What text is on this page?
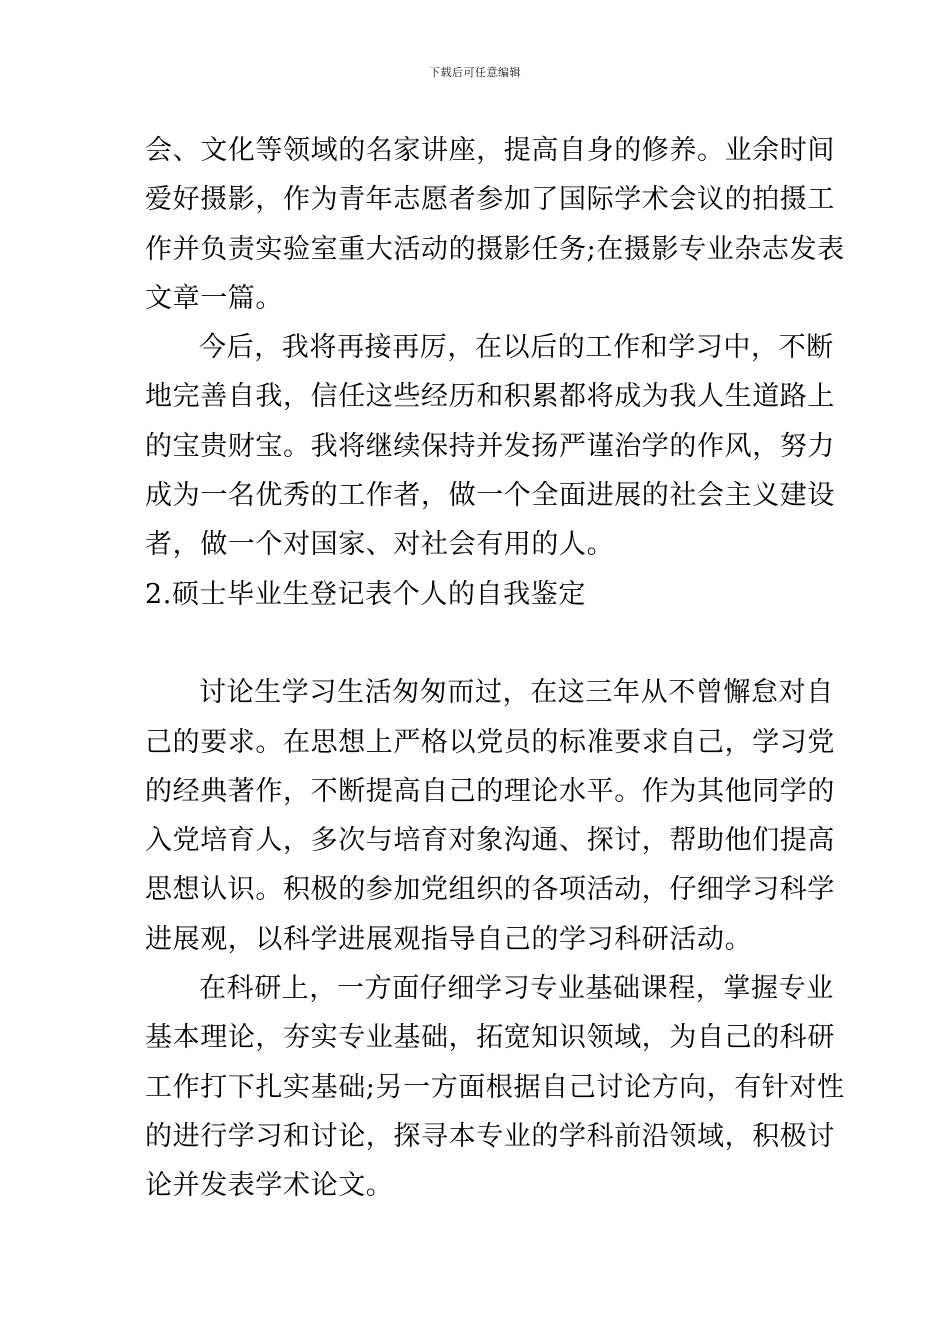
下载后可任意编辑
会、文化等领域的名家讲座，提高自身的修养。业余时间
爱好摄影，作为青年志愿者参加了国际学术会议的拍摄工
作并负责实验室重大活动的摄影任务;在摄影专业杂志发表
文章一篇。
今后，我将再接再厉，在以后的工作和学习中，不断
地完善自我，信任这些经历和积累都将成为我人生道路上
的宝贵财宝。我将继续保持并发扬严谨治学的作风，努力
成为一名优秀的工作者，做一个全面进展的社会主义建设
者，做一个对国家、对社会有用的人。
2.硕士毕业生登记表个人的自我鉴定
讨论生学习生活匆匆而过，在这三年从不曾懈怠对自
己的要求。在思想上严格以党员的标准要求自己，学习党
的经典著作，不断提高自己的理论水平。作为其他同学的
入党培育人，多次与培育对象沟通、探讨，帮助他们提高
思想认识。积极的参加党组织的各项活动，仔细学习科学
进展观，以科学进展观指导自己的学习科研活动。
在科研上，一方面仔细学习专业基础课程，掌握专业
基本理论，夯实专业基础，拓宽知识领域，为自己的科研
工作打下扎实基础;另一方面根据自己讨论方向，有针对性
的进行学习和讨论，探寻本专业的学科前沿领域，积极讨
论并发表学术论文。
